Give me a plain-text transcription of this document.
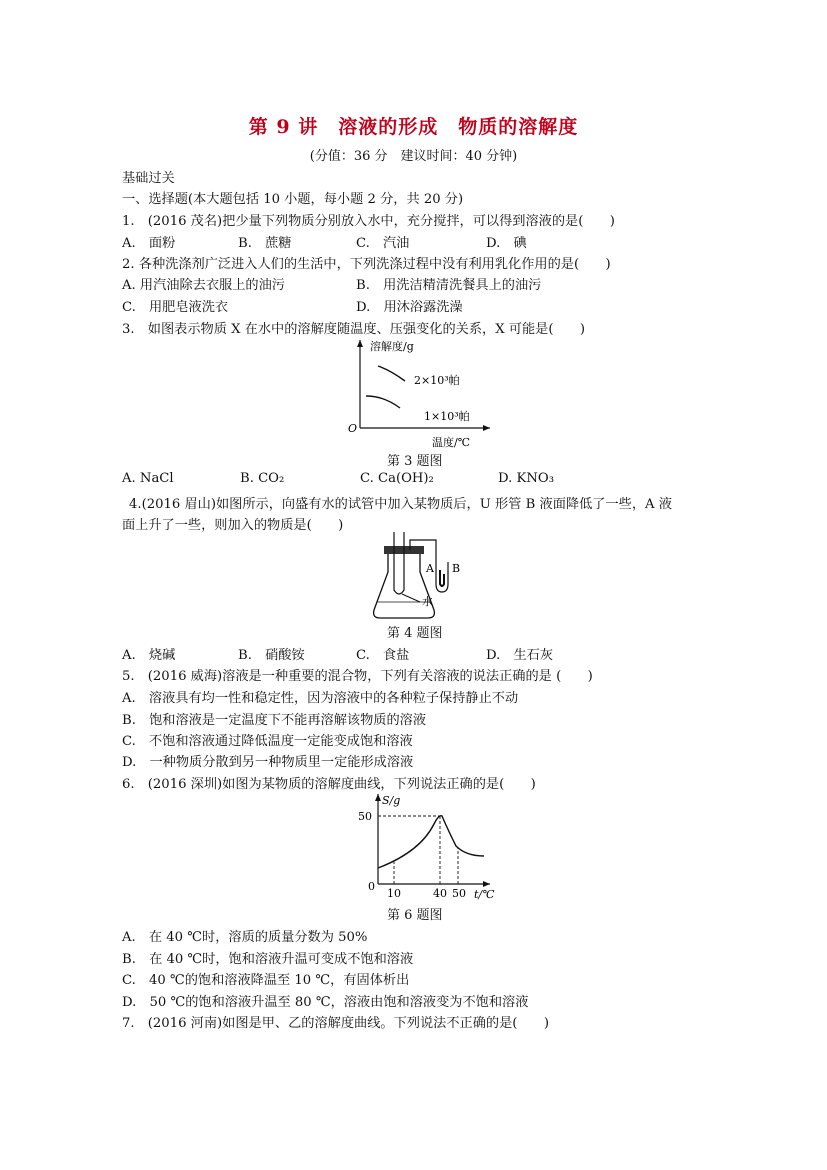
第 9 讲　溶液的形成　物质的溶解度
(分值：36 分　建议时间：40 分钟)
基础过关
一、选择题(本大题包括 10 小题，每小题 2 分，共 20 分)
1.　(2016 茂名)把少量下列物质分别放入水中，充分搅拌，可以得到溶液的是(　　)
A.　面粉	B.　蔗糖	C.　汽油	D.　碘
2. 各种洗涤剂广泛进入人们的生活中，下列洗涤过程中没有利用乳化作用的是(　　)
A. 用汽油除去衣服上的油污	B.　用洗洁精清洗餐具上的油污
C.　用肥皂液洗衣	D.　用沐浴露洗澡
3.　如图表示物质 X 在水中的溶解度随温度、压强变化的关系，X 可能是(　　)
溶解度/g
温度/℃
O
2×10³帕
1×10³帕
第 3 题图
A. NaCl	B. CO₂	C. Ca(OH)₂	D. KNO₃
4.(2016 眉山)如图所示，向盛有水的试管中加入某物质后，U 形管 B 液面降低了一些，A 液
面上升了一些，则加入的物质是(　　)
A B
水
第 4 题图
A.　烧碱	B.　硝酸铵	C.　食盐	D.　生石灰
5.　(2016 威海)溶液是一种重要的混合物，下列有关溶液的说法正确的是 (　　)
A.　溶液具有均一性和稳定性，因为溶液中的各种粒子保持静止不动
B.　饱和溶液是一定温度下不能再溶解该物质的溶液
C.　不饱和溶液通过降低温度一定能变成饱和溶液
D.　一种物质分散到另一种物质里一定能形成溶液
6.　(2016 深圳)如图为某物质的溶解度曲线，下列说法正确的是(　　)
S/g
t/℃
0
50
10	40 50
第 6 题图
A.　在 40 ℃时，溶质的质量分数为 50%
B.　在 40 ℃时，饱和溶液升温可变成不饱和溶液
C.　40 ℃的饱和溶液降温至 10 ℃，有固体析出
D.　50 ℃的饱和溶液升温至 80 ℃，溶液由饱和溶液变为不饱和溶液
7.　(2016 河南)如图是甲、乙的溶解度曲线。下列说法不正确的是(　　)
